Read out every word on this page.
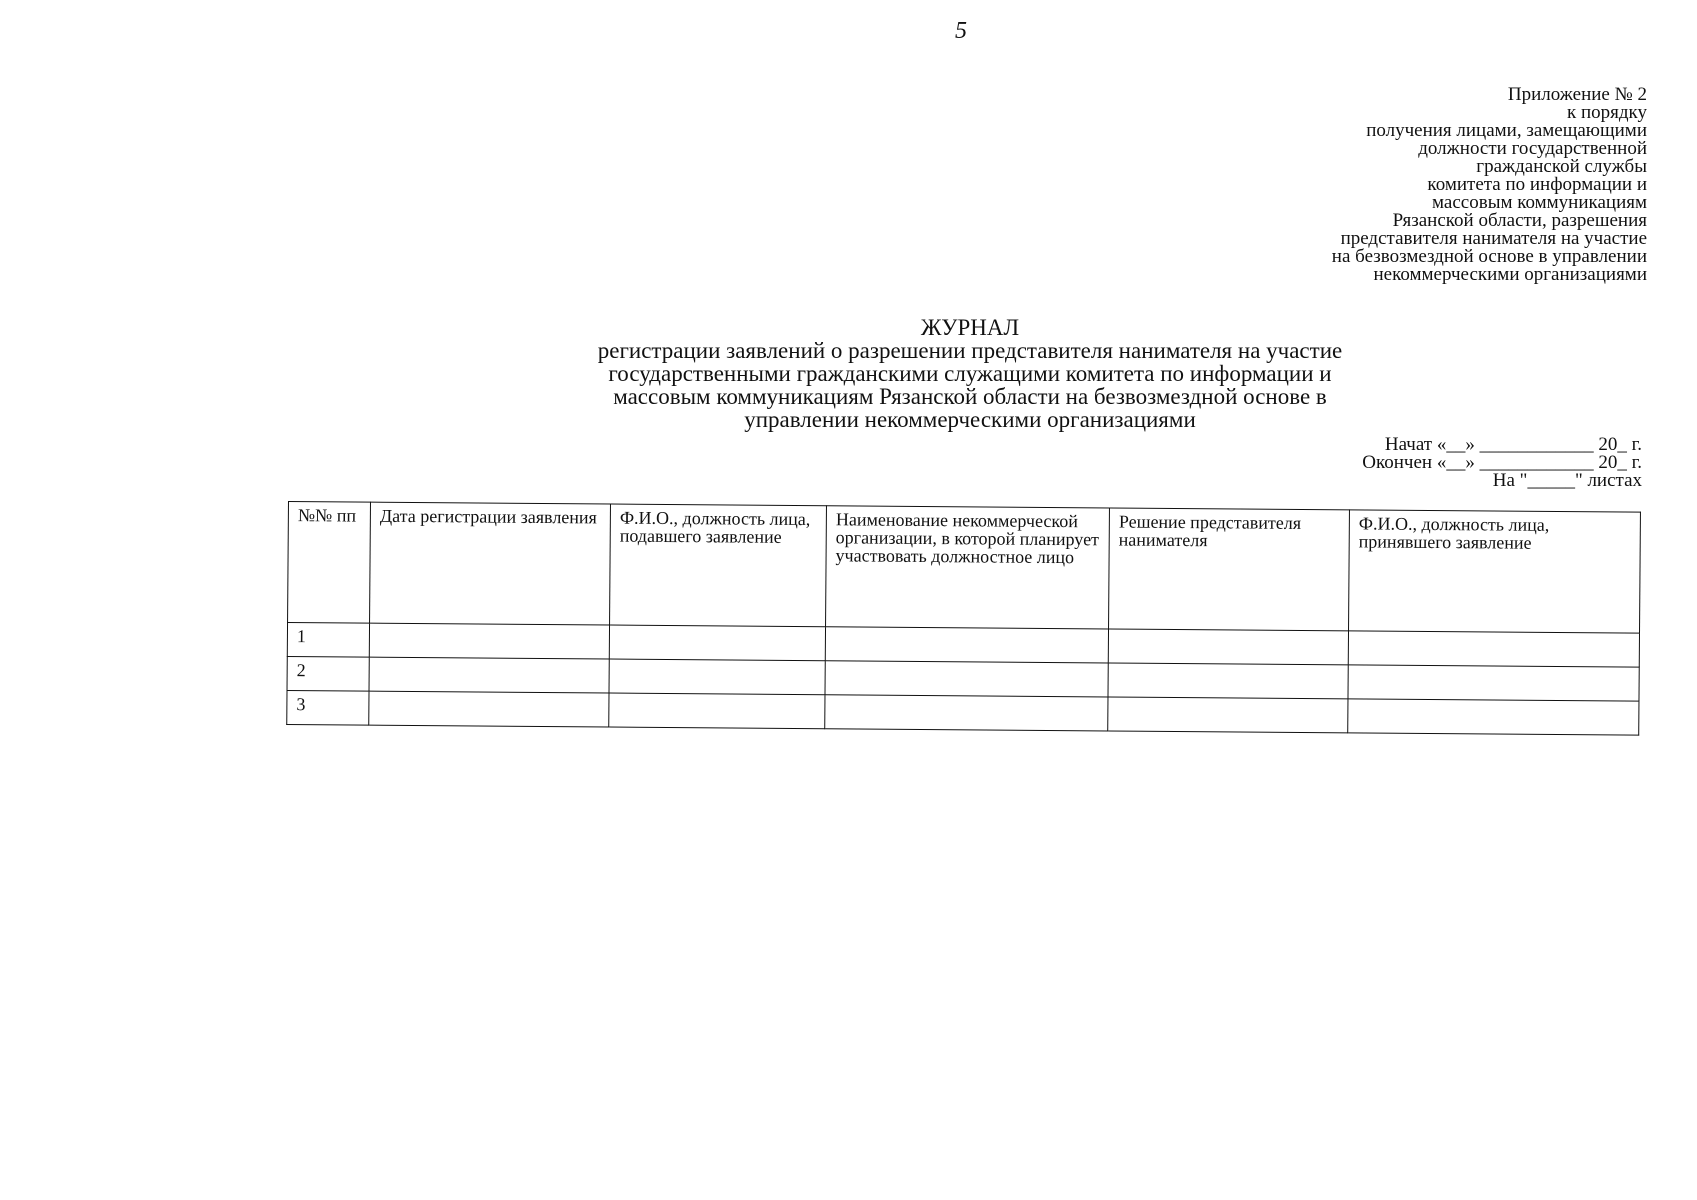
5
Приложение № 2
к порядку
получения лицами, замещающими
должности государственной
гражданской службы
комитета по информации и
массовым коммуникациям
Рязанской области, разрешения
представителя нанимателя на участие
на безвозмездной основе в управлении
некоммерческими организациями
ЖУРНАЛ
регистрации заявлений о разрешении представителя нанимателя на участие
государственными гражданскими служащими комитета по информации и
массовым коммуникациям Рязанской области на безвозмездной основе в
управлении некоммерческими организациями
Начат «__» ____________ 20_ г.
Окончен «__» ____________ 20_ г.
На "_____" листах
№№ пп	Дата регистрации заявления	Ф.И.О., должность лица, подавшего заявление	Наименование некоммерческой организации, в которой планирует участвовать должностное лицо	Решение представителя нанимателя	Ф.И.О., должность лица, принявшего заявление
1					
2					
3					
